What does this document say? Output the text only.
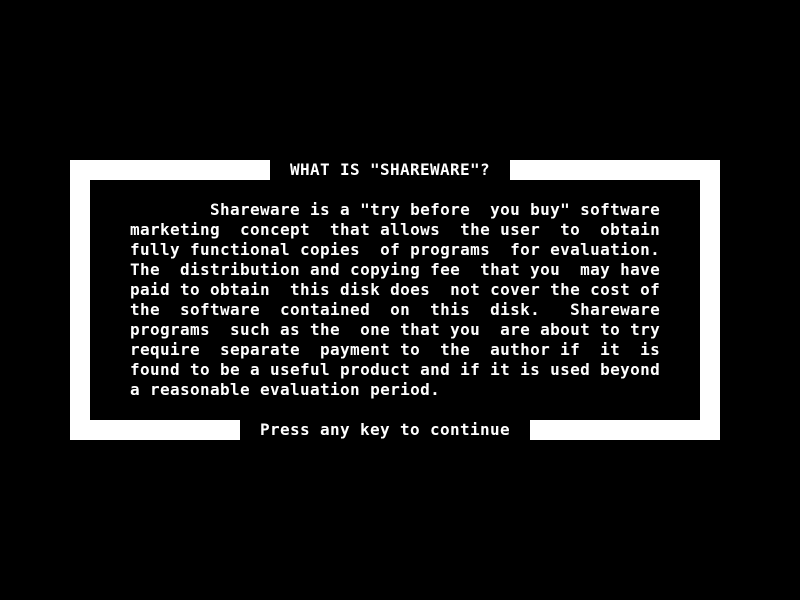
Shareware is a "try before  you buy" software
marketing  concept  that allows  the user  to  obtain
fully functional copies  of programs  for evaluation.
The  distribution and copying fee  that you  may have
paid to obtain  this disk does  not cover the cost of
the  software  contained  on  this  disk.   Shareware
programs  such as the  one that you  are about to try
require  separate  payment to  the  author if  it  is
found to be a useful product and if it is used beyond
a reasonable evaluation period.
WHAT IS "SHAREWARE"?
Press any key to continue
